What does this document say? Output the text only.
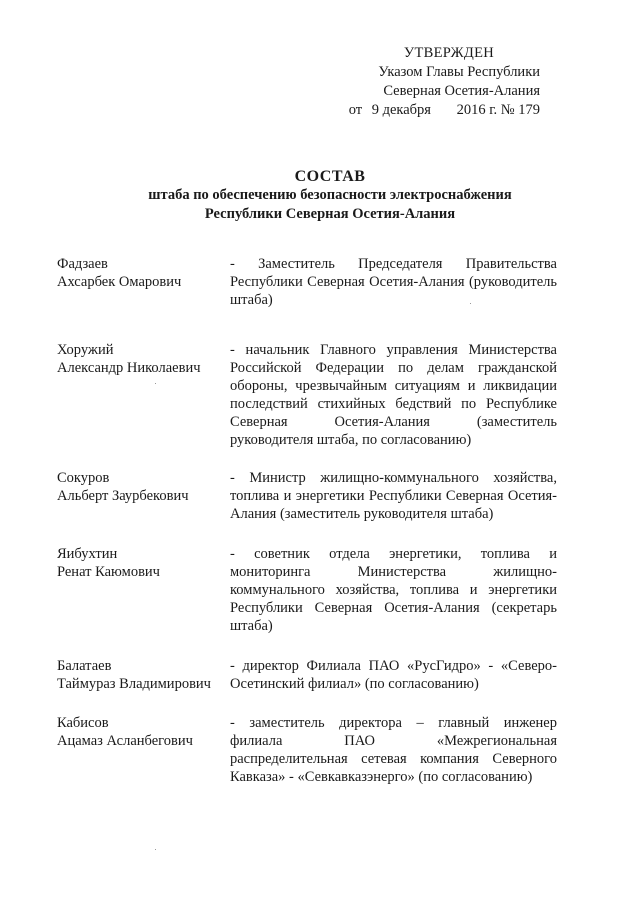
УТВЕРЖДЕН
Указом Главы Республики
Северная Осетия-Алания
от 9 декабря 2016 г. № 179
СОСТАВ
штаба по обеспечению безопасности электроснабжения
Республики Северная Осетия-Алания
Фадзаев
Ахсарбек Омарович
- Заместитель Председателя Правительства Республики Северная Осетия-Алания (руководитель штаба)
Хоружий
Александр Николаевич
- начальник Главного управления Министерства Российской Федерации по делам гражданской обороны, чрезвычайным ситуациям и ликвидации последствий стихийных бедствий по Республике Северная Осетия-Алания (заместитель руководителя штаба, по согласованию)
Сокуров
Альберт Заурбекович
- Министр жилищно-коммунального хозяйства, топлива и энергетики Республики Северная Осетия-Алания (заместитель руководителя штаба)
Яибухтин
Ренат Каюмович
- советник отдела энергетики, топлива и мониторинга Министерства жилищно-коммунального хозяйства, топлива и энергетики Республики Северная Осетия-Алания (секретарь штаба)
Балатаев
Таймураз Владимирович
- директор Филиала ПАО «РусГидро» - «Северо-Осетинский филиал» (по согласованию)
Кабисов
Ацамаз Асланбегович
- заместитель директора – главный инженер филиала ПАО «Межрегиональная распределительная сетевая компания Северного Кавказа» - «Севкавказэнерго» (по согласованию)
